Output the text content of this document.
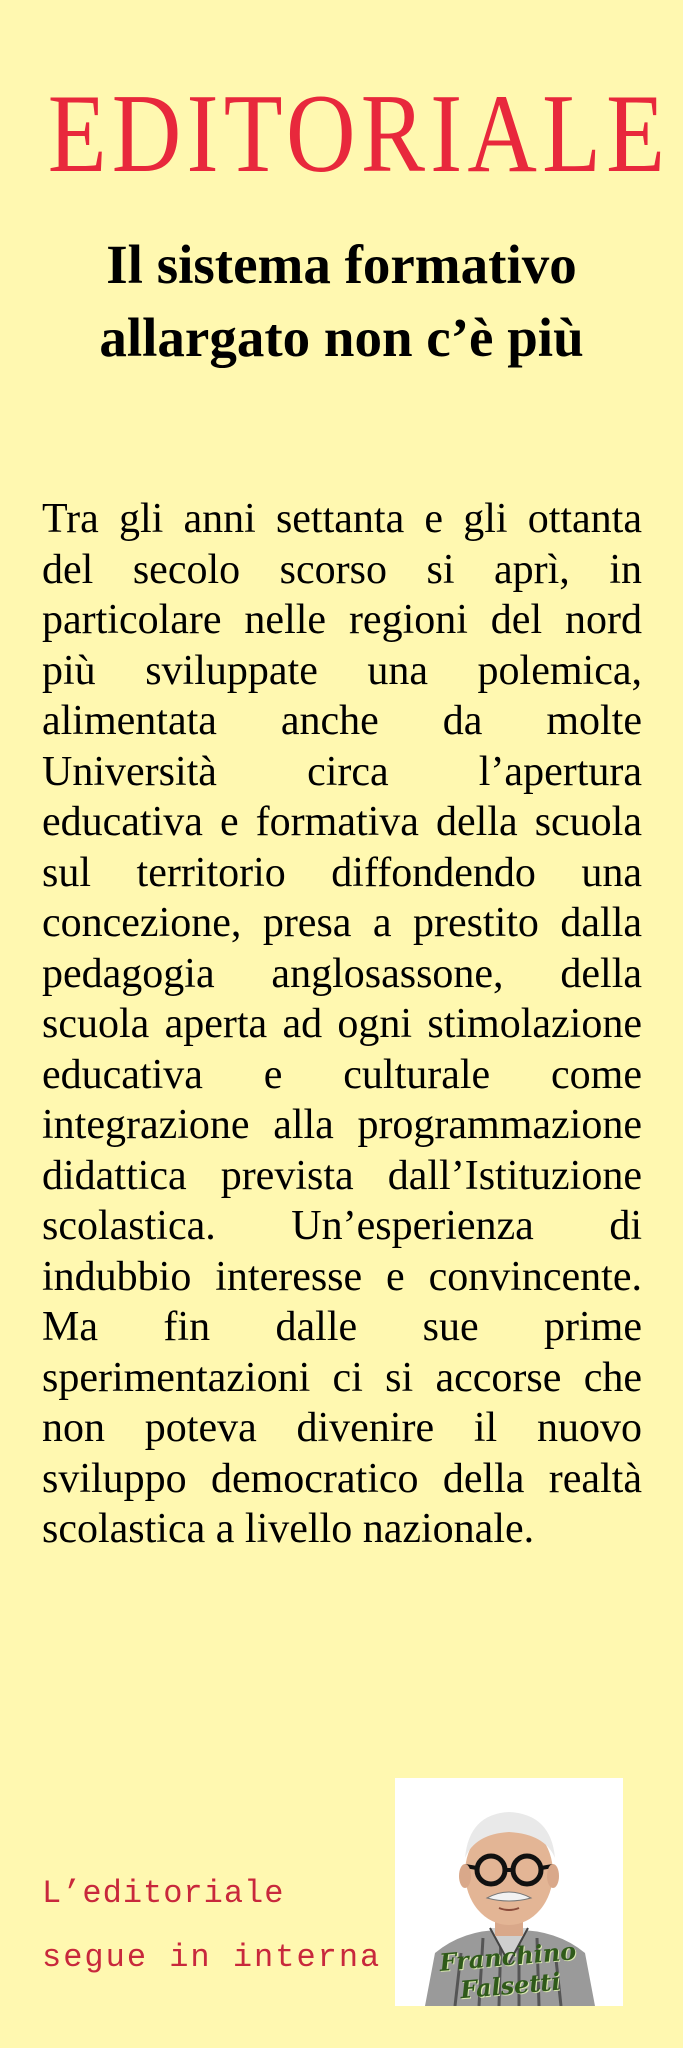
EDITORIALE
Il sistema formativo allargato non c’è più
Tra gli anni settanta e gli ottanta del secolo scorso si aprì, in particolare nelle regioni del nord più sviluppate una polemica, alimentata anche da molte Università circa l’apertura educativa e formativa della scuola sul territorio diffondendo una concezione, presa a prestito dalla pedagogia anglosassone, della scuola aperta ad ogni stimolazione educativa e culturale come integrazione alla programmazione didattica prevista dall’Istituzione scolastica. Un’esperienza di indubbio interesse e convincente. Ma fin dalle sue prime sperimentazioni ci si accorse che non poteva divenire il nuovo sviluppo democratico della realtà scolastica a livello nazionale.
L’editoriale
segue in interna	Franchino Falsetti
